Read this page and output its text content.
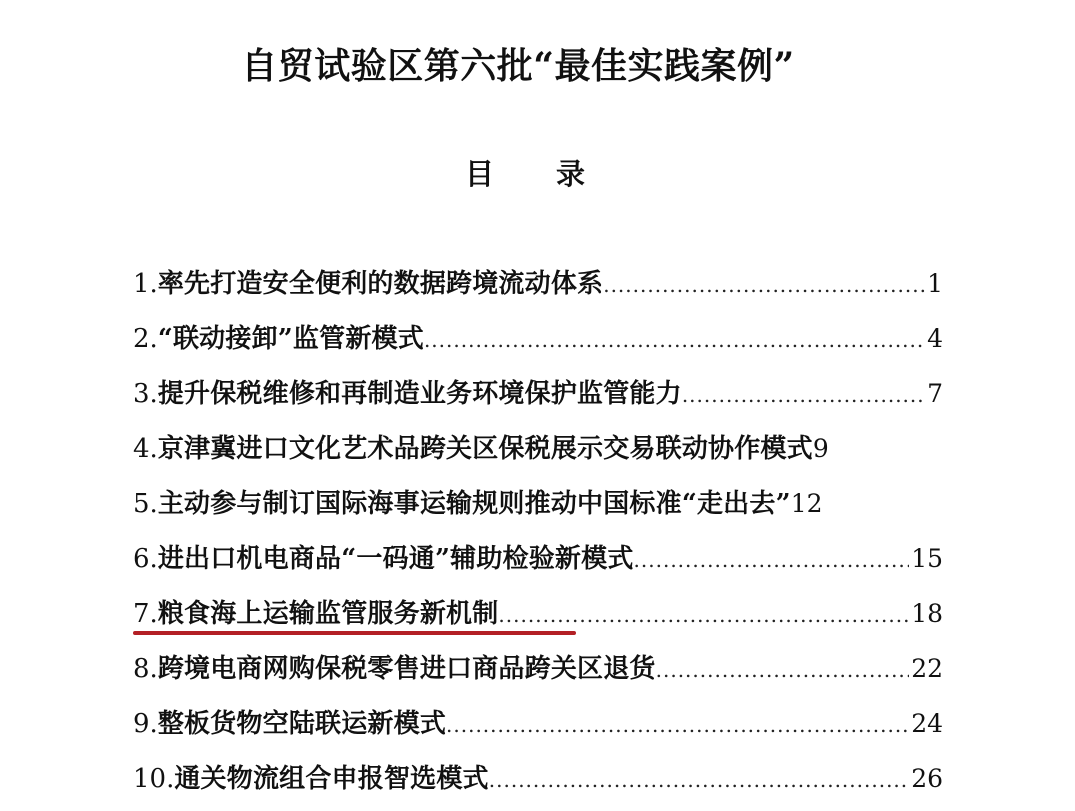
自贸试验区第六批“最佳实践案例”
目 录
1. 率先打造安全便利的数据跨境流动体系 .....	1
2. “联动接卸”监管新模式 .....	4
3. 提升保税维修和再制造业务环境保护监管能力 .....	7
4. 京津冀进口文化艺术品跨关区保税展示交易联动协作模式 9
5. 主动参与制订国际海事运输规则推动中国标准“走出去” 12
6. 进出口机电商品“一码通”辅助检验新模式 .....	15
7. 粮食海上运输监管服务新机制 .....	18
8. 跨境电商网购保税零售进口商品跨关区退货 .....	22
9. 整板货物空陆联运新模式 .....	24
10. 通关物流组合申报智选模式 .....	26
